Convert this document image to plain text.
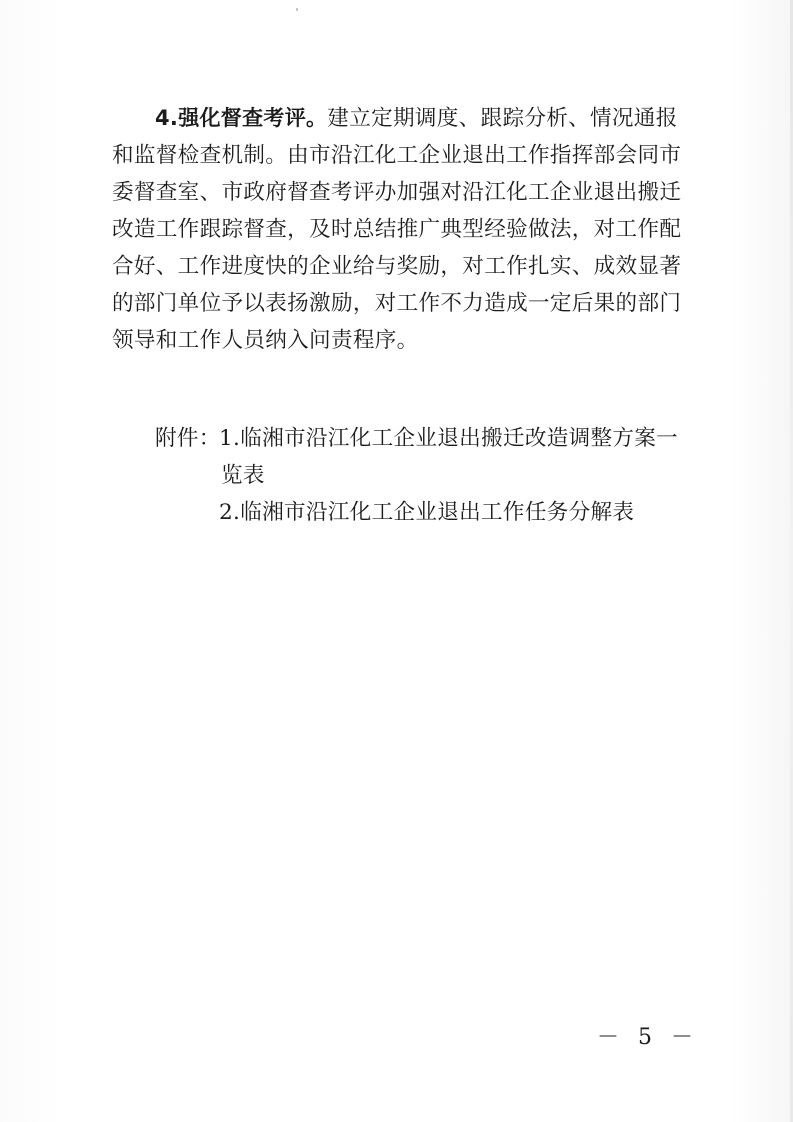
4.强化督查考评。建立定期调度、跟踪分析、情况通报
和监督检查机制。由市沿江化工企业退出工作指挥部会同市
委督查室、市政府督查考评办加强对沿江化工企业退出搬迁
改造工作跟踪督查，及时总结推广典型经验做法，对工作配
合好、工作进度快的企业给与奖励，对工作扎实、成效显著
的部门单位予以表扬激励，对工作不力造成一定后果的部门
领导和工作人员纳入问责程序。
附件：
1.临湘市沿江化工企业退出搬迁改造调整方案一
览表
2.临湘市沿江化工企业退出工作任务分解表
－ 5 －
